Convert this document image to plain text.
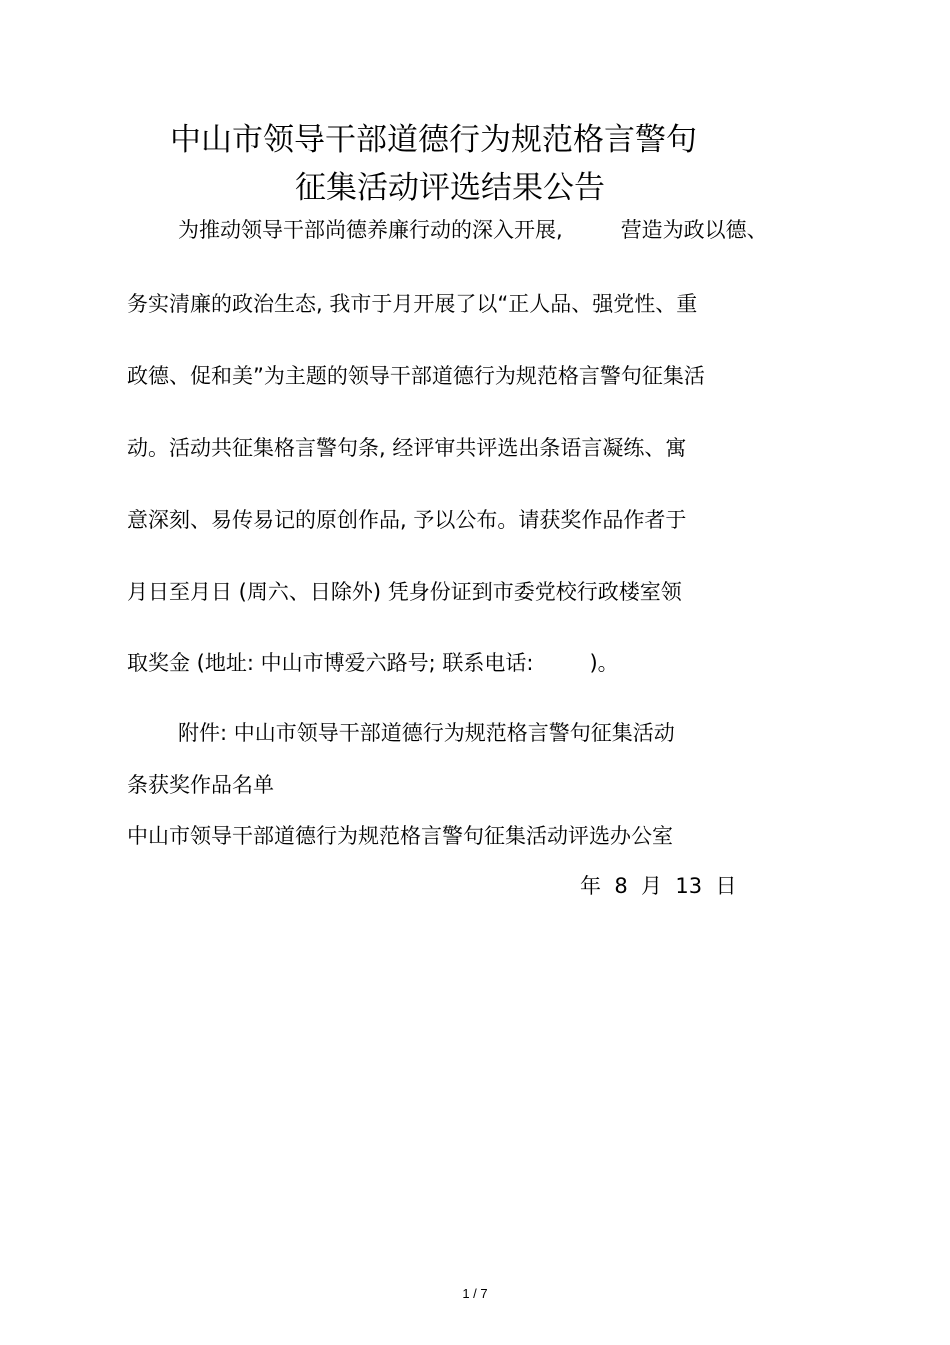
中山市领导干部道德行为规范格言警句
征集活动评选结果公告
为推动领导干部尚德养廉行动的深入开展,	营造为政以德、
务实清廉的政治生态, 我市于月开展了以“正人品、强党性、重
政德、促和美”为主题的领导干部道德行为规范格言警句征集活
动。活动共征集格言警句条, 经评审共评选出条语言凝练、寓
意深刻、易传易记的原创作品, 予以公布。请获奖作品作者于
月日至月日 (周六、日除外) 凭身份证到市委党校行政楼室领
取奖金 (地址: 中山市博爱六路号; 联系电话:	)。
附件: 中山市领导干部道德行为规范格言警句征集活动
条获奖作品名单
中山市领导干部道德行为规范格言警句征集活动评选办公室
年  8  月  13  日
1 / 7
